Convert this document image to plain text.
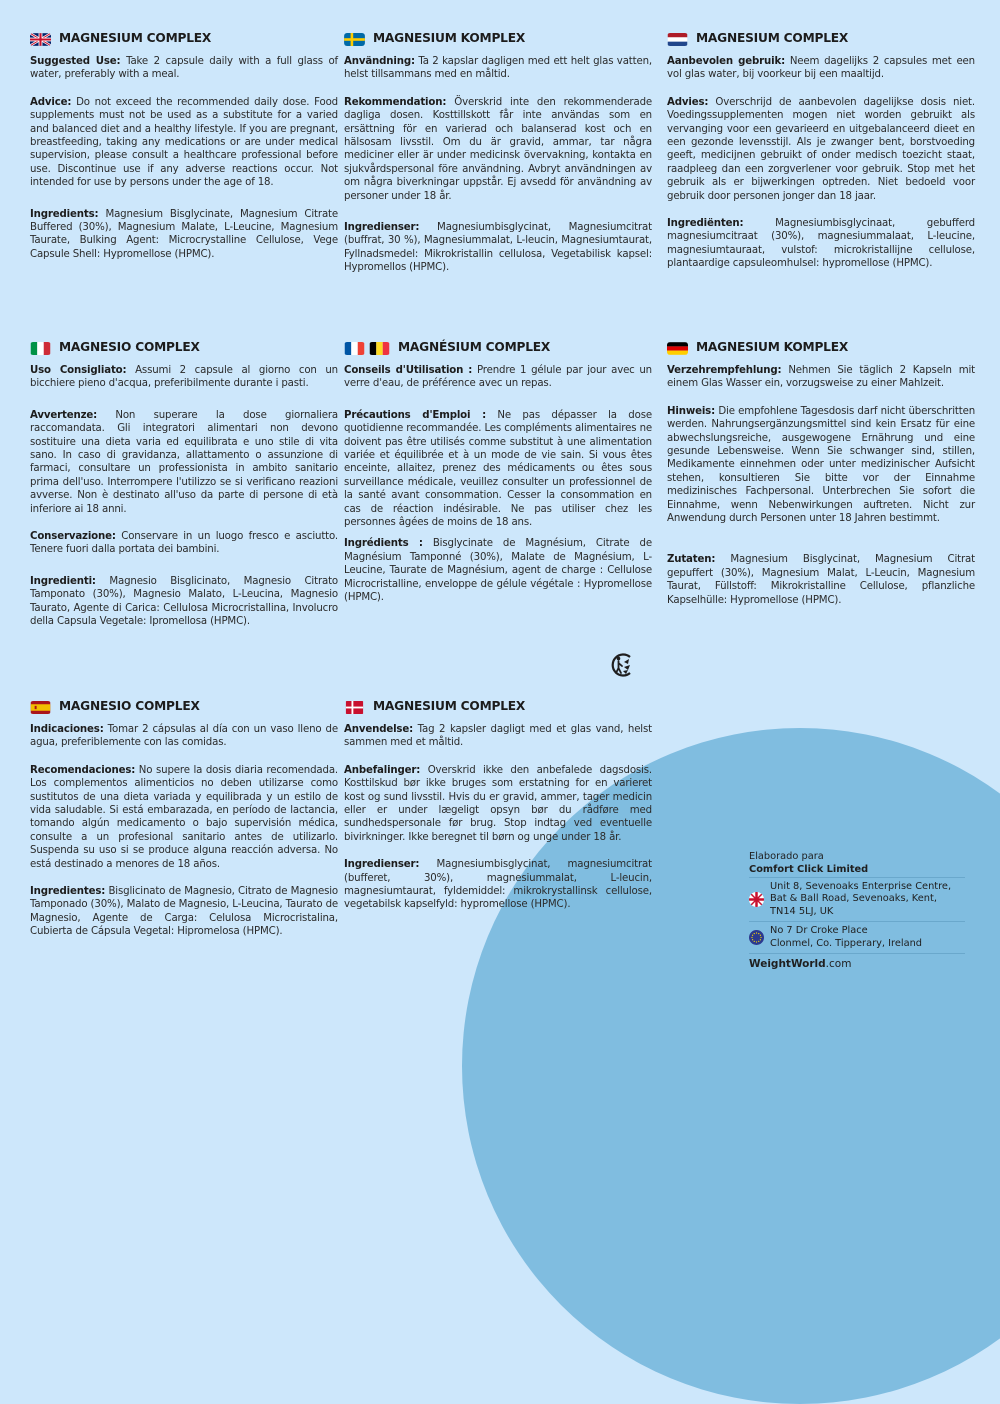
MAGNESIUM COMPLEX

Suggested Use: Take 2 capsule daily with a full glass of water, preferably with a meal.

Advice: Do not exceed the recommended daily dose. Food supplements must not be used as a substitute for a varied and balanced diet and a healthy lifestyle. If you are pregnant, breastfeeding, taking any medications or are under medical supervision, please consult a healthcare professional before use. Discontinue use if any adverse reactions occur. Not intended for use by persons under the age of 18.

Ingredients: Magnesium Bisglycinate, Magnesium Citrate Buffered (30%), Magnesium Malate, L-Leucine, Magnesium Taurate, Bulking Agent: Microcrystalline Cellulose, Vege Capsule Shell: Hypromellose (HPMC).

MAGNESIUM KOMPLEX

Användning: Ta 2 kapslar dagligen med ett helt glas vatten, helst tillsammans med en måltid.

Rekommendation: Överskrid inte den rekommenderade dagliga dosen. Kosttillskott får inte användas som en ersättning för en varierad och balanserad kost och en hälsosam livsstil. Om du är gravid, ammar, tar några mediciner eller är under medicinsk övervakning, kontakta en sjukvårdspersonal före användning. Avbryt användningen av om några biverkningar uppstår. Ej avsedd för användning av personer under 18 år.

Ingredienser: Magnesiumbisglycinat, Magnesiumcitrat (buffrat, 30 %), Magnesiummalat, L-leucin, Magnesiumtaurat, Fyllnadsmedel: Mikrokristallin cellulosa, Vegetabilisk kapsel: Hypromellos (HPMC).

MAGNESIUM COMPLEX

Aanbevolen gebruik: Neem dagelijks 2 capsules met een vol glas water, bij voorkeur bij een maaltijd.

Advies: Overschrijd de aanbevolen dagelijkse dosis niet. Voedingssupplementen mogen niet worden gebruikt als vervanging voor een gevarieerd en uitgebalanceerd dieet en een gezonde levensstijl. Als je zwanger bent, borstvoeding geeft, medicijnen gebruikt of onder medisch toezicht staat, raadpleeg dan een zorgverlener voor gebruik. Stop met het gebruik als er bijwerkingen optreden. Niet bedoeld voor gebruik door personen jonger dan 18 jaar.

Ingrediënten: Magnesiumbisglycinaat, gebufferd magnesiumcitraat (30%), magnesiummalaat, L-leucine, magnesiumtauraat, vulstof: microkristallijne cellulose, plantaardige capsuleomhulsel: hypromellose (HPMC).

MAGNESIO COMPLEX

Uso Consigliato: Assumi 2 capsule al giorno con un bicchiere pieno d'acqua, preferibilmente durante i pasti.

Avvertenze: Non superare la dose giornaliera raccomandata. Gli integratori alimentari non devono sostituire una dieta varia ed equilibrata e uno stile di vita sano. In caso di gravidanza, allattamento o assunzione di farmaci, consultare un professionista in ambito sanitario prima dell'uso. Interrompere l'utilizzo se si verificano reazioni avverse. Non è destinato all'uso da parte di persone di età inferiore ai 18 anni.

Conservazione: Conservare in un luogo fresco e asciutto. Tenere fuori dalla portata dei bambini.

Ingredienti: Magnesio Bisglicinato, Magnesio Citrato Tamponato (30%), Magnesio Malato, L-Leucina, Magnesio Taurato, Agente di Carica: Cellulosa Microcristallina, Involucro della Capsula Vegetale: Ipromellosa (HPMC).

MAGNÉSIUM COMPLEX

Conseils d'Utilisation : Prendre 1 gélule par jour avec un verre d'eau, de préférence avec un repas.

Précautions d'Emploi : Ne pas dépasser la dose quotidienne recommandée. Les compléments alimentaires ne doivent pas être utilisés comme substitut à une alimentation variée et équilibrée et à un mode de vie sain. Si vous êtes enceinte, allaitez, prenez des médicaments ou êtes sous surveillance médicale, veuillez consulter un professionnel de la santé avant consommation. Cesser la consommation en cas de réaction indésirable. Ne pas utiliser chez les personnes âgées de moins de 18 ans.

Ingrédients : Bisglycinate de Magnésium, Citrate de Magnésium Tamponné (30%), Malate de Magnésium, L-Leucine, Taurate de Magnésium, agent de charge : Cellulose Microcristalline, enveloppe de gélule végétale : Hypromellose (HPMC).

MAGNESIUM KOMPLEX

Verzehrempfehlung: Nehmen Sie täglich 2 Kapseln mit einem Glas Wasser ein, vorzugsweise zu einer Mahlzeit.

Hinweis: Die empfohlene Tagesdosis darf nicht überschritten werden. Nahrungsergänzungsmittel sind kein Ersatz für eine abwechslungsreiche, ausgewogene Ernährung und eine gesunde Lebensweise. Wenn Sie schwanger sind, stillen, Medikamente einnehmen oder unter medizinischer Aufsicht stehen, konsultieren Sie bitte vor der Einnahme medizinisches Fachpersonal. Unterbrechen Sie sofort die Einnahme, wenn Nebenwirkungen auftreten. Nicht zur Anwendung durch Personen unter 18 Jahren bestimmt.

Zutaten: Magnesium Bisglycinat, Magnesium Citrat gepuffert (30%), Magnesium Malat, L-Leucin, Magnesium Taurat, Füllstoff: Mikrokristalline Cellulose, pflanzliche Kapselhülle: Hypromellose (HPMC).

MAGNESIO COMPLEX

Indicaciones: Tomar 2 cápsulas al día con un vaso lleno de agua, preferiblemente con las comidas.

Recomendaciones: No supere la dosis diaria recomendada. Los complementos alimenticios no deben utilizarse como sustitutos de una dieta variada y equilibrada y un estilo de vida saludable. Si está embarazada, en período de lactancia, tomando algún medicamento o bajo supervisión médica, consulte a un profesional sanitario antes de utilizarlo. Suspenda su uso si se produce alguna reacción adversa. No está destinado a menores de 18 años.

Ingredientes: Bisglicinato de Magnesio, Citrato de Magnesio Tamponado (30%), Malato de Magnesio, L-Leucina, Taurato de Magnesio, Agente de Carga: Celulosa Microcristalina, Cubierta de Cápsula Vegetal: Hipromelosa (HPMC).

MAGNESIUM COMPLEX

Anvendelse: Tag 2 kapsler dagligt med et glas vand, helst sammen med et måltid.

Anbefalinger: Overskrid ikke den anbefalede dagsdosis. Kosttilskud bør ikke bruges som erstatning for en varieret kost og sund livsstil. Hvis du er gravid, ammer, tager medicin eller er under lægeligt opsyn bør du rådføre med sundhedspersonale før brug. Stop indtag ved eventuelle bivirkninger. Ikke beregnet til børn og unge under 18 år.

Ingredienser: Magnesiumbisglycinat, magnesiumcitrat (bufferet, 30%), magnesiummalat, L-leucin, magnesiumtaurat, fyldemiddel: mikrokrystallinsk cellulose, vegetabilsk kapselfyld: hypromellose (HPMC).

Elaborado para
Comfort Click Limited
Unit 8, Sevenoaks Enterprise Centre, Bat & Ball Road, Sevenoaks, Kent, TN14 5LJ, UK
No 7 Dr Croke Place
Clonmel, Co. Tipperary, Ireland
WeightWorld.com
